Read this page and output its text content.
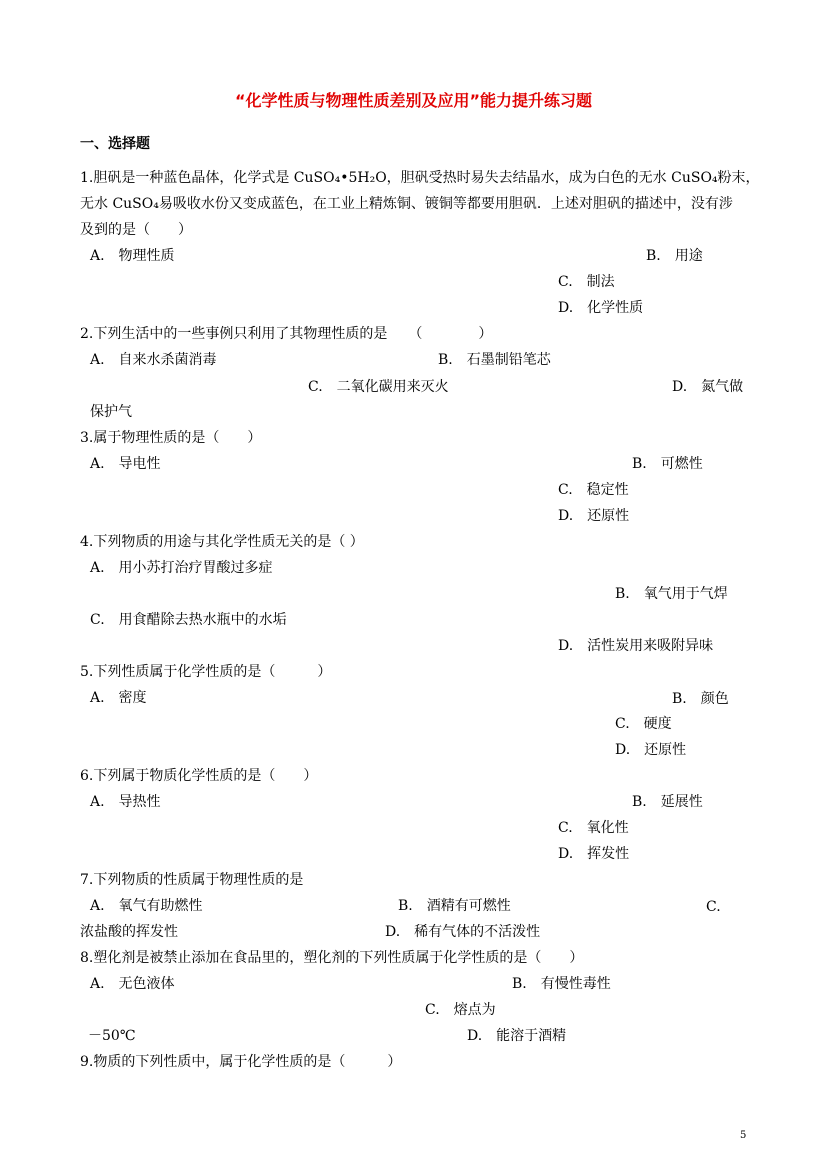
“化学性质与物理性质差别及应用”能力提升练习题
一、选择题
1.胆矾是一种蓝色晶体，化学式是 CuSO₄•5H₂O，胆矾受热时易失去结晶水，成为白色的无水 CuSO₄粉末，
无水 CuSO₄易吸收水份又变成蓝色，在工业上精炼铜、镀铜等都要用胆矾．上述对胆矾的描述中，没有涉
及到的是（　　）
A.　物理性质	B.　用途
C.　制法
D.　化学性质
2.下列生活中的一些事例只利用了其物理性质的是　　（　　　　）
A.　自来水杀菌消毒	B.　石墨制铅笔芯
C.　二氧化碳用来灭火	D.　氮气做
保护气
3.属于物理性质的是（　　）
A.　导电性	B.　可燃性
C.　稳定性
D.　还原性
4.下列物质的用途与其化学性质无关的是（ ）
A.　用小苏打治疗胃酸过多症
B.　氧气用于气焊
C.　用食醋除去热水瓶中的水垢
D.　活性炭用来吸附异味
5.下列性质属于化学性质的是（　　　）
A.　密度	B.　颜色
C.　硬度
D.　还原性
6.下列属于物质化学性质的是（　　）
A.　导热性	B.　延展性
C.　氧化性
D.　挥发性
7.下列物质的性质属于物理性质的是
A.　氧气有助燃性	B.　酒精有可燃性	C.
浓盐酸的挥发性	D.　稀有气体的不活泼性
8.塑化剂是被禁止添加在食品里的，塑化剂的下列性质属于化学性质的是（　　）
A.　无色液体	B.　有慢性毒性
C.　熔点为
－50℃	D.　能溶于酒精
9.物质的下列性质中，属于化学性质的是（　　　）
5
